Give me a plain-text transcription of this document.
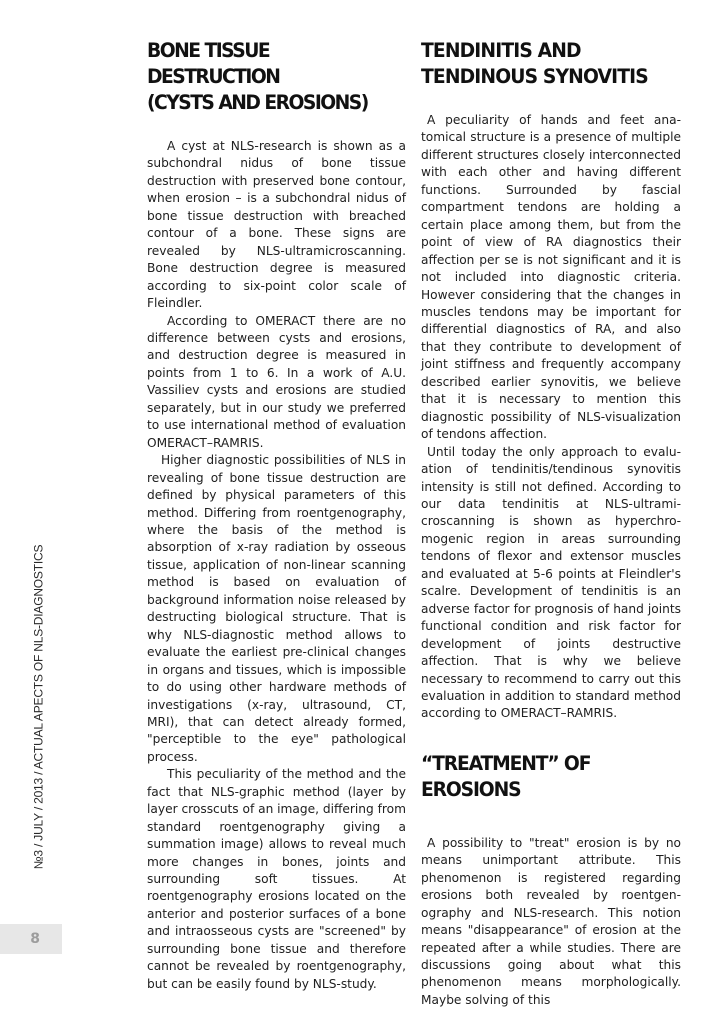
№3 / JULY / 2013 / ACTUAL APECTS OF NLS-DIAGNOSTICS
8
BONE TISSUE DESTRUCTION
(CYSTS AND EROSIONS)

A cyst at NLS-research is shown as a subchondral nidus of bone tissue destruction with preserved bone contour, when erosion – is a subchondral nidus of bone tissue destruction with breached contour of a bone. These signs are revealed by NLS-ultramicroscanning. Bone destruction degree is measured according to six-point color scale of Fleindler.

According to OMERACT there are no difference between cysts and erosions, and destruction degree is measured in points from 1 to 6. In a work of A.U. Vassiliev cysts and erosions are studied separately, but in our study we preferred to use international method of evaluation OMERACT–RAMRIS.

Higher diagnostic possibilities of NLS in revealing of bone tissue destruction are defined by physical parameters of this method. Differing from roentgenography, where the basis of the method is absorption of x-ray radiation by osseous tissue, application of non-linear scanning method is based on evaluation of background information noise released by destructing biological structure. That is why NLS-diagnostic method allows to evaluate the earliest pre-clinical changes in organs and tissues, which is impossible to do using other hardware methods of investigations (x-ray, ultrasound, CT, MRI), that can detect already formed, "perceptible to the eye" pathological process.

This peculiarity of the method and the fact that NLS-graphic method (layer by layer crosscuts of an image, differing from standard roentgenography giving a summation image) allows to reveal much more changes in bones, joints and surrounding soft tissues. At roentgenography erosions located on the anterior and posterior surfaces of a bone and intraosseous cysts are "screened" by surrounding bone tissue and therefore cannot be revealed by roentgenography, but can be easily found by NLS-study.

TENDINITIS AND
TENDINOUS SYNOVITIS

A peculiarity of hands and feet anatomical structure is a presence of multiple different structures closely interconnected with each other and having different functions. Surrounded by fascial compartment tendons are holding a certain place among them, but from the point of view of RA diagnostics their affection per se is not significant and it is not included into diagnostic criteria. However considering that the changes in muscles tendons may be important for differential diagnostics of RA, and also that they contribute to development of joint stiffness and frequently accompany described earlier synovitis, we believe that it is necessary to mention this diagnostic possibility of NLS-visualization of tendons affection.

Until today the only approach to evaluation of tendinitis/tendinous synovitis intensity is still not defined. According to our data tendinitis at NLS-ultramicroscanning is shown as hyperchromogenic region in areas surrounding tendons of flexor and extensor muscles and evaluated at 5-6 points at Fleindler's scalre. Development of tendinitis is an adverse factor for prognosis of hand joints functional condition and risk factor for development of joints destructive affection. That is why we believe necessary to recommend to carry out this evaluation in addition to standard method according to OMERACT–RAMRIS.

“TREATMENT” OF EROSIONS

A possibility to "treat" erosion is by no means unimportant attribute. This phenomenon is registered regarding erosions both revealed by roentgenography and NLS-research. This notion means "disappearance" of erosion at the repeated after a while studies. There are discussions going about what this phenomenon means morphologically. Maybe solving of this
